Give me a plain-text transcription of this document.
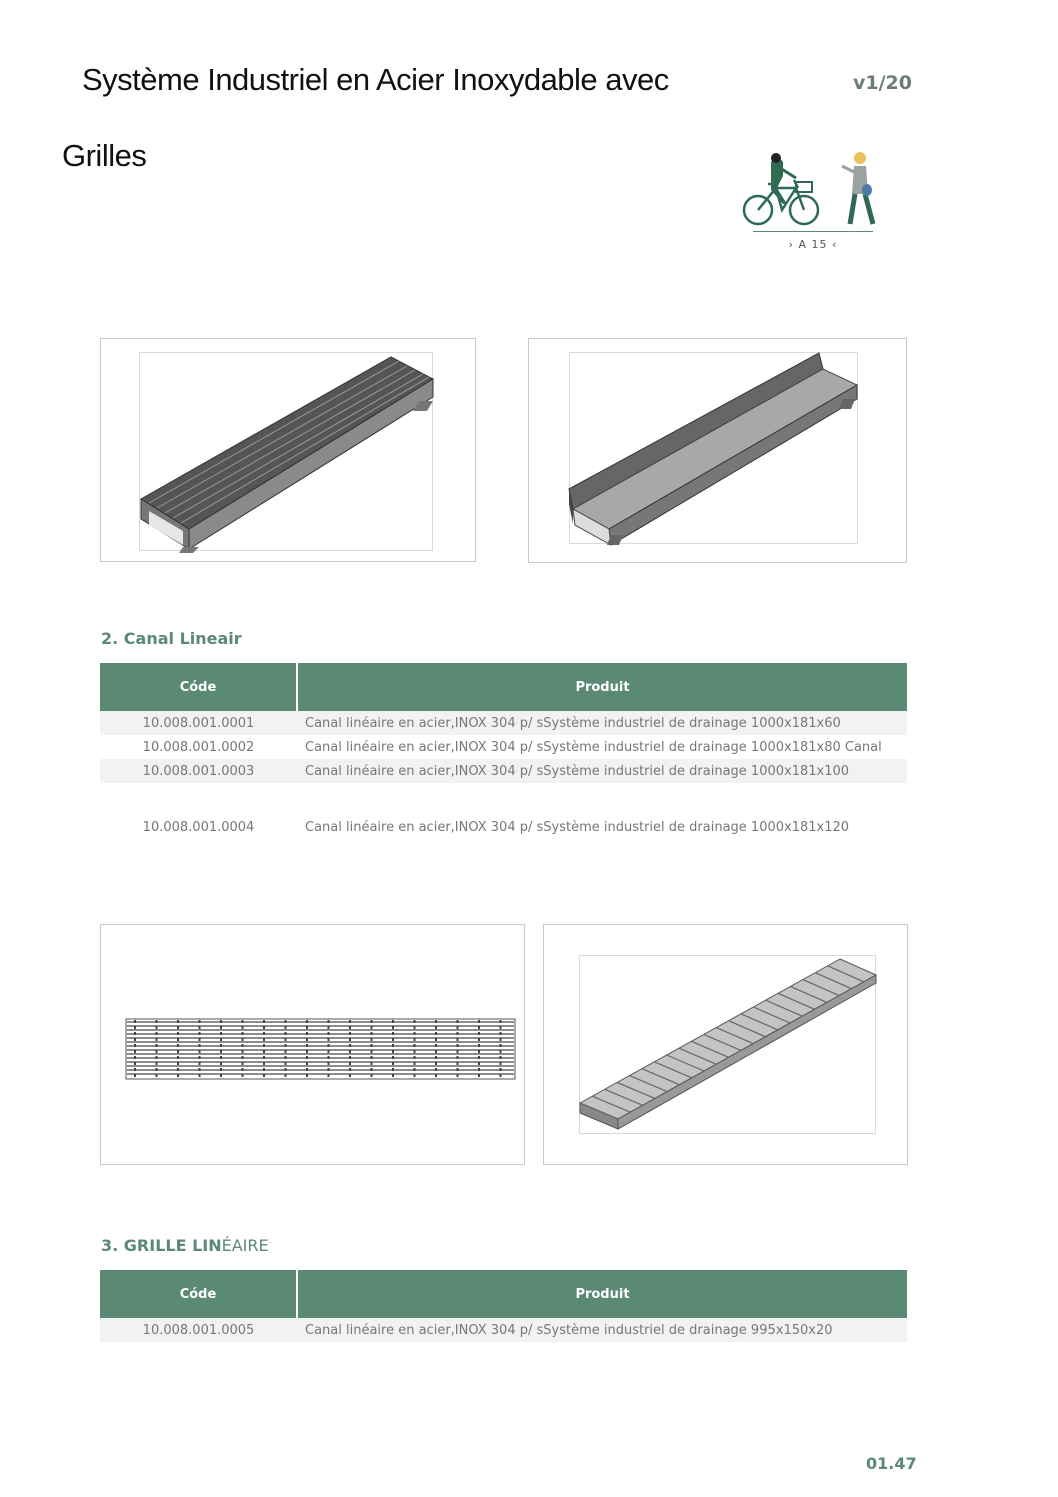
Système Industriel en Acier Inoxydable avec
Grilles
v1/20
› A 15 ‹
2. Canal Lineair
Códe	Produit
10.008.001.0001	Canal linéaire en acier,INOX 304 p/ sSystème industriel de drainage 1000x181x60
10.008.001.0002	Canal linéaire en acier,INOX 304 p/ sSystème industriel de drainage 1000x181x80 Canal
10.008.001.0003	Canal linéaire en acier,INOX 304 p/ sSystème industriel de drainage 1000x181x100
10.008.001.0004	Canal linéaire en acier,INOX 304 p/ sSystème industriel de drainage 1000x181x120
3. GRILLE LINÉAIRE
Códe	Produit
10.008.001.0005	Canal linéaire en acier,INOX 304 p/ sSystème industriel de drainage 995x150x20
01.47
